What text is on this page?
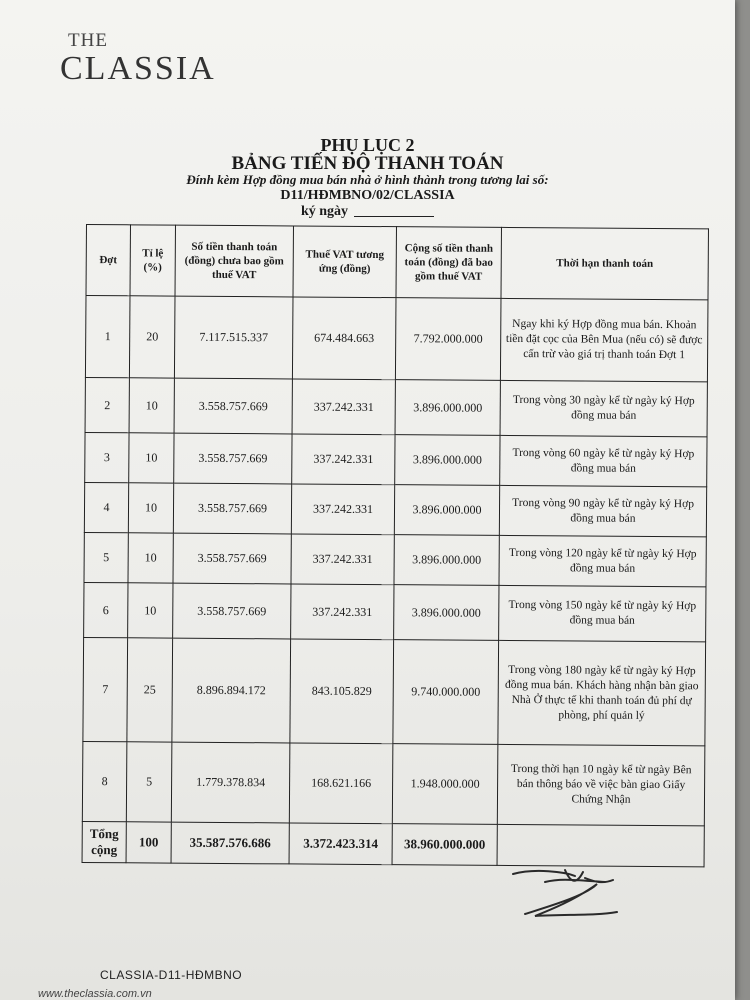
THE
CLASSIA
PHỤ LỤC 2
BẢNG TIẾN ĐỘ THANH TOÁN
Đính kèm Hợp đồng mua bán nhà ở hình thành trong tương lai số:
D11/HĐMBNO/02/CLASSIA
ký ngày
Đợt	Tỉ lệ (%)	Số tiền thanh toán (đồng) chưa bao gồm thuế VAT	Thuế VAT tương ứng (đồng)	Cộng số tiền thanh toán (đồng) đã bao gồm thuế VAT	Thời hạn thanh toán
1	20	7.117.515.337	674.484.663	7.792.000.000	Ngay khi ký Hợp đồng mua bán. Khoản tiền đặt cọc của Bên Mua (nếu có) sẽ được cấn trừ vào giá trị thanh toán Đợt 1
2	10	3.558.757.669	337.242.331	3.896.000.000	Trong vòng 30 ngày kể từ ngày ký Hợp đồng mua bán
3	10	3.558.757.669	337.242.331	3.896.000.000	Trong vòng 60 ngày kể từ ngày ký Hợp đồng mua bán
4	10	3.558.757.669	337.242.331	3.896.000.000	Trong vòng 90 ngày kể từ ngày ký Hợp đồng mua bán
5	10	3.558.757.669	337.242.331	3.896.000.000	Trong vòng 120 ngày kể từ ngày ký Hợp đồng mua bán
6	10	3.558.757.669	337.242.331	3.896.000.000	Trong vòng 150 ngày kể từ ngày ký Hợp đồng mua bán
7	25	8.896.894.172	843.105.829	9.740.000.000	Trong vòng 180 ngày kể từ ngày ký Hợp đồng mua bán. Khách hàng nhận bàn giao Nhà Ở thực tế khi thanh toán đủ phí dự phòng, phí quản lý
8	5	1.779.378.834	168.621.166	1.948.000.000	Trong thời hạn 10 ngày kể từ ngày Bên bán thông báo về việc bàn giao Giấy Chứng Nhận
Tổng cộng	100	35.587.576.686	3.372.423.314	38.960.000.000	
CLASSIA-D11-HĐMBNO
www.theclassia.com.vn
